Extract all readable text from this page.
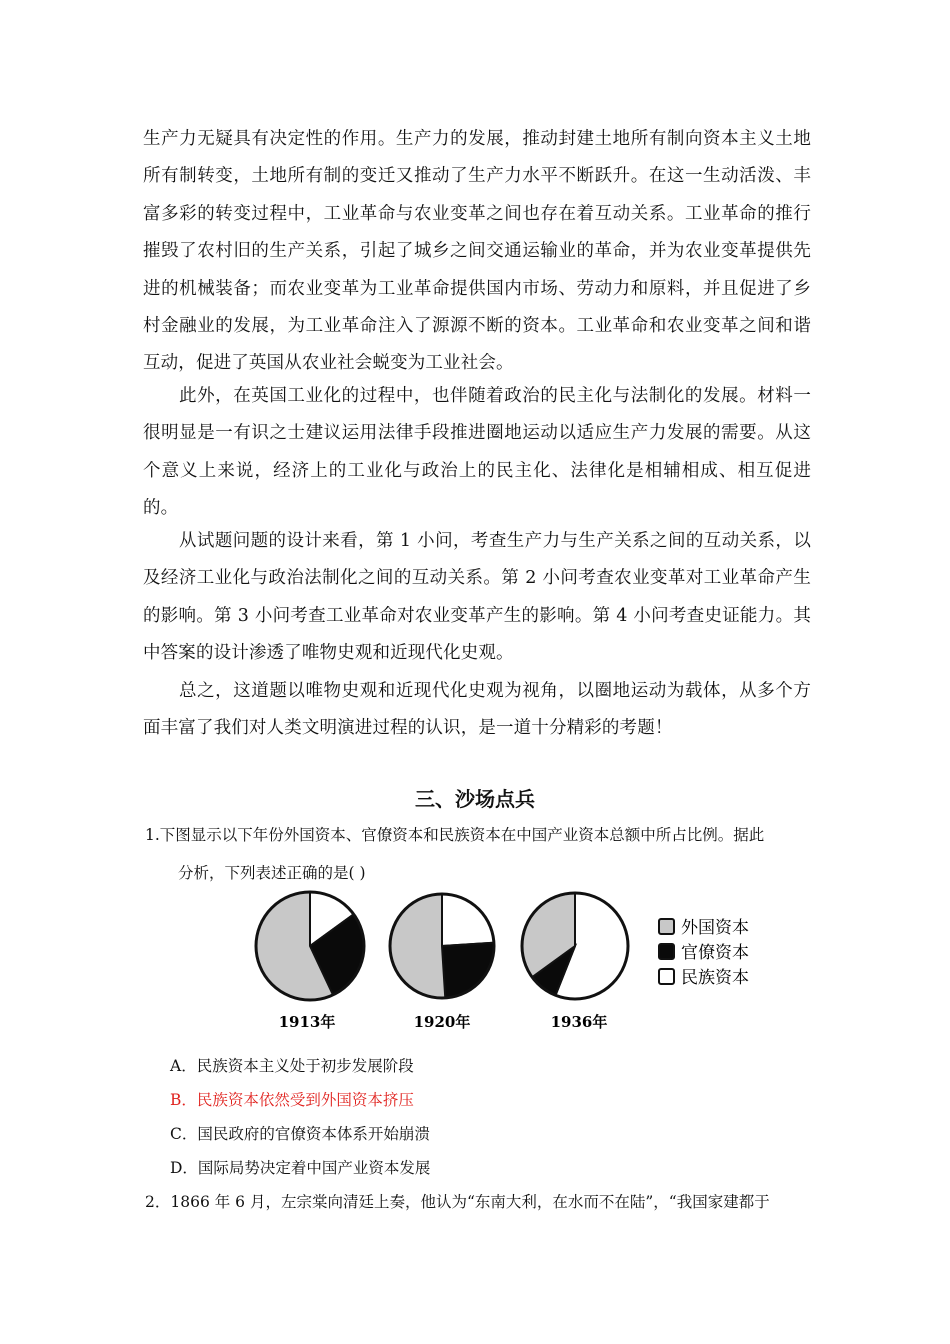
生产力无疑具有决定性的作用。生产力的发展，推动封建土地所有制向资本主义土地所有制转变，土地所有制的变迁又推动了生产力水平不断跃升。在这一生动活泼、丰富多彩的转变过程中，工业革命与农业变革之间也存在着互动关系。工业革命的推行摧毁了农村旧的生产关系，引起了城乡之间交通运输业的革命，并为农业变革提供先进的机械装备；而农业变革为工业革命提供国内市场、劳动力和原料，并且促进了乡村金融业的发展，为工业革命注入了源源不断的资本。工业革命和农业变革之间和谐互动，促进了英国从农业社会蜕变为工业社会。

此外，在英国工业化的过程中，也伴随着政治的民主化与法制化的发展。材料一很明显是一有识之士建议运用法律手段推进圈地运动以适应生产力发展的需要。从这个意义上来说，经济上的工业化与政治上的民主化、法律化是相辅相成、相互促进的。

从试题问题的设计来看，第 1 小问，考查生产力与生产关系之间的互动关系，以及经济工业化与政治法制化之间的互动关系。第 2 小问考查农业变革对工业革命产生的影响。第 3 小问考查工业革命对农业变革产生的影响。第 4 小问考查史证能力。其中答案的设计渗透了唯物史观和近现代化史观。

总之，这道题以唯物史观和近现代化史观为视角，以圈地运动为载体，从多个方面丰富了我们对人类文明演进过程的认识，是一道十分精彩的考题！

三、沙场点兵

1.下图显示以下年份外国资本、官僚资本和民族资本在中国产业资本总额中所占比例。据此

分析，下列表述正确的是( )

1913年	1920年	1936年
外国资本
官僚资本
民族资本

A．民族资本主义处于初步发展阶段

B．民族资本依然受到外国资本挤压

C．国民政府的官僚资本体系开始崩溃

D．国际局势决定着中国产业资本发展

2．1866 年 6 月，左宗棠向清廷上奏，他认为“东南大利，在水而不在陆”，“我国家建都于
